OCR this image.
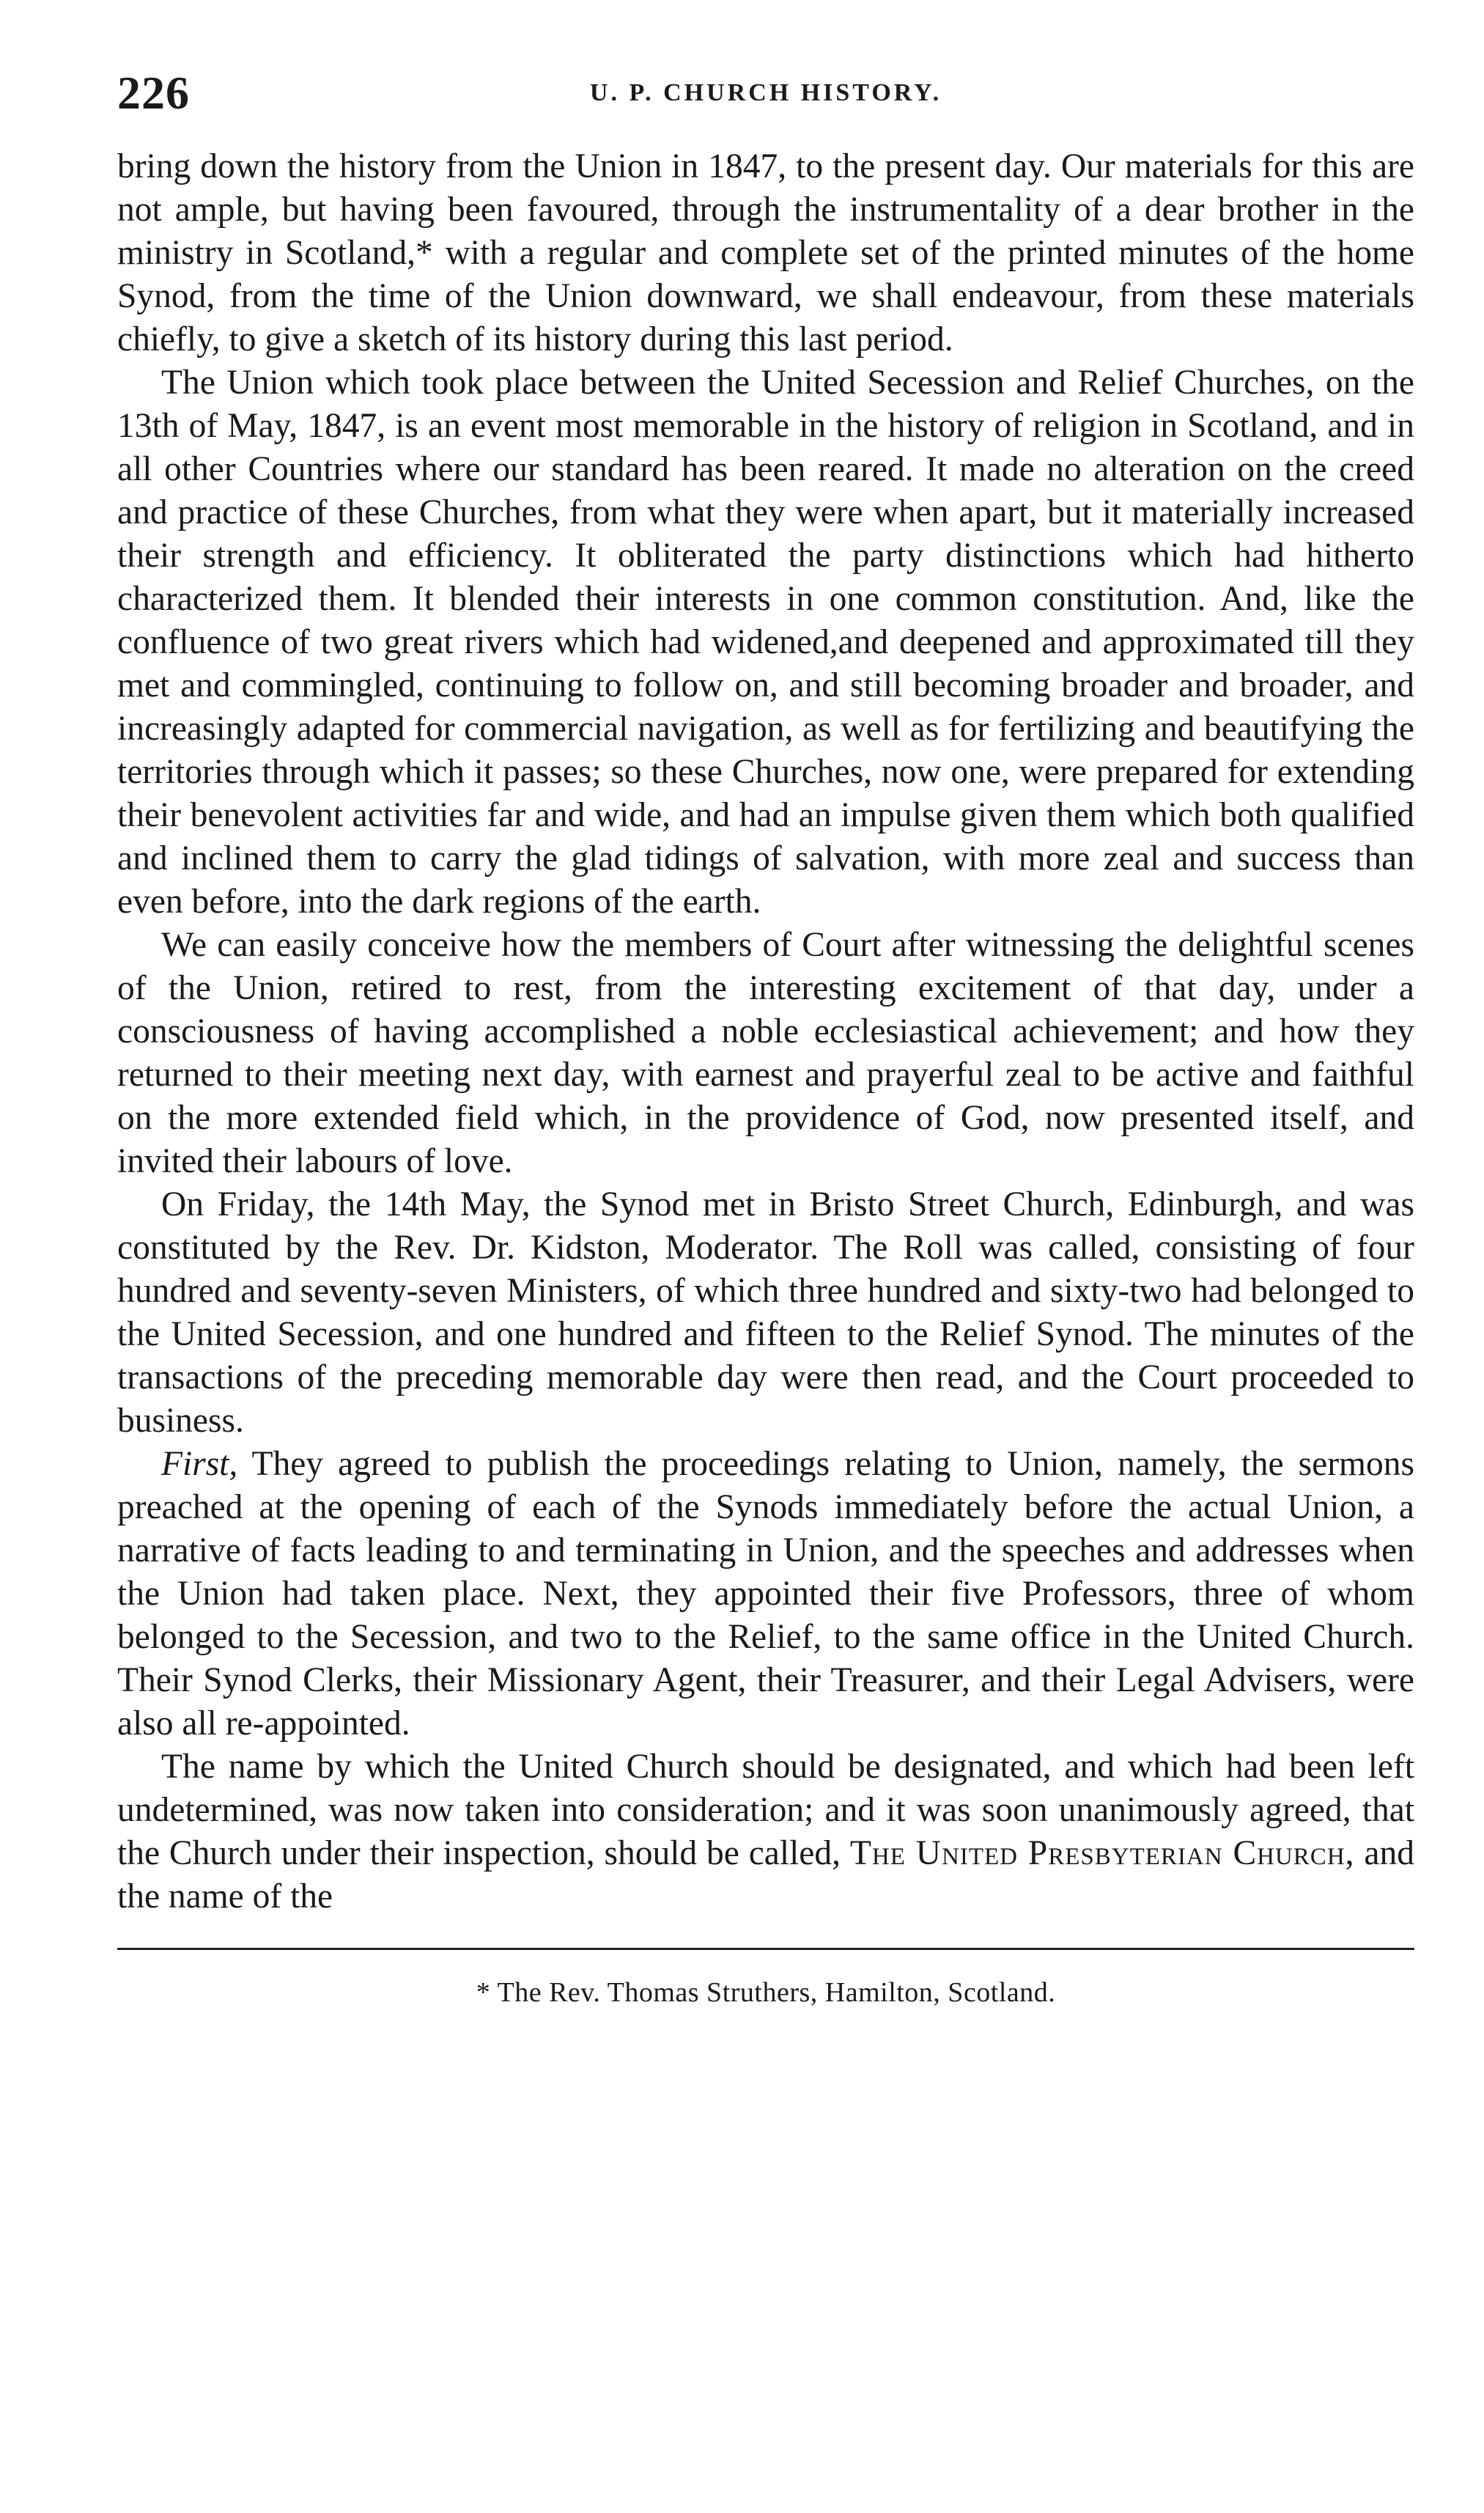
226	U. P. CHURCH HISTORY.

bring down the history from the Union in 1847, to the present day. Our materials for this are not ample, but having been favoured, through the instrumentality of a dear brother in the ministry in Scotland,* with a regular and complete set of the printed minutes of the home Synod, from the time of the Union downward, we shall endeavour, from these materials chiefly, to give a sketch of its history during this last period.

The Union which took place between the United Secession and Relief Churches, on the 13th of May, 1847, is an event most memorable in the history of religion in Scotland, and in all other Countries where our standard has been reared. It made no alteration on the creed and practice of these Churches, from what they were when apart, but it materially increased their strength and efficiency. It obliterated the party distinctions which had hitherto characterized them. It blended their interests in one common constitution. And, like the confluence of two great rivers which had widened,and deepened and approximated till they met and commingled, continuing to follow on, and still becoming broader and broader, and increasingly adapted for commercial navigation, as well as for fertilizing and beautifying the territories through which it passes; so these Churches, now one, were prepared for extending their benevolent activities far and wide, and had an impulse given them which both qualified and inclined them to carry the glad tidings of salvation, with more zeal and success than even before, into the dark regions of the earth.

We can easily conceive how the members of Court after witnessing the delightful scenes of the Union, retired to rest, from the interesting excitement of that day, under a consciousness of having accomplished a noble ecclesiastical achievement; and how they returned to their meeting next day, with earnest and prayerful zeal to be active and faithful on the more extended field which, in the providence of God, now presented itself, and invited their labours of love.

On Friday, the 14th May, the Synod met in Bristo Street Church, Edinburgh, and was constituted by the Rev. Dr. Kidston, Moderator. The Roll was called, consisting of four hundred and seventy-seven Ministers, of which three hundred and sixty-two had belonged to the United Secession, and one hundred and fifteen to the Relief Synod. The minutes of the transactions of the preceding memorable day were then read, and the Court proceeded to business.

First, They agreed to publish the proceedings relating to Union, namely, the sermons preached at the opening of each of the Synods immediately before the actual Union, a narrative of facts leading to and terminating in Union, and the speeches and addresses when the Union had taken place. Next, they appointed their five Professors, three of whom belonged to the Secession, and two to the Relief, to the same office in the United Church. Their Synod Clerks, their Missionary Agent, their Treasurer, and their Legal Advisers, were also all re-appointed.

The name by which the United Church should be designated, and which had been left undetermined, was now taken into consideration; and it was soon unanimously agreed, that the Church under their inspection, should be called, The United Presbyterian Church, and the name of the

* The Rev. Thomas Struthers, Hamilton, Scotland.
